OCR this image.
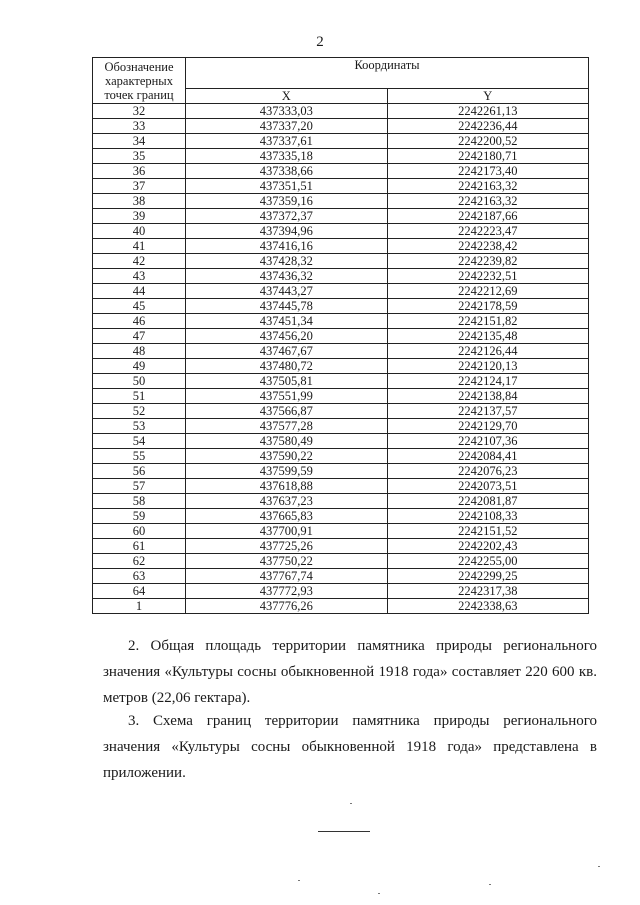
2
Обозначение характерных точек границ	Координаты	
	X	Y
32	437333,03	2242261,13
33	437337,20	2242236,44
34	437337,61	2242200,52
35	437335,18	2242180,71
36	437338,66	2242173,40
37	437351,51	2242163,32
38	437359,16	2242163,32
39	437372,37	2242187,66
40	437394,96	2242223,47
41	437416,16	2242238,42
42	437428,32	2242239,82
43	437436,32	2242232,51
44	437443,27	2242212,69
45	437445,78	2242178,59
46	437451,34	2242151,82
47	437456,20	2242135,48
48	437467,67	2242126,44
49	437480,72	2242120,13
50	437505,81	2242124,17
51	437551,99	2242138,84
52	437566,87	2242137,57
53	437577,28	2242129,70
54	437580,49	2242107,36
55	437590,22	2242084,41
56	437599,59	2242076,23
57	437618,88	2242073,51
58	437637,23	2242081,87
59	437665,83	2242108,33
60	437700,91	2242151,52
61	437725,26	2242202,43
62	437750,22	2242255,00
63	437767,74	2242299,25
64	437772,93	2242317,38
1	437776,26	2242338,63
2. Общая площадь территории памятника природы регионального значения «Культуры сосны обыкновенной 1918 года» составляет 220 600 кв. метров (22,06 гектара).
3. Схема границ территории памятника природы регионального значения «Культуры сосны обыкновенной 1918 года» представлена в приложении.
